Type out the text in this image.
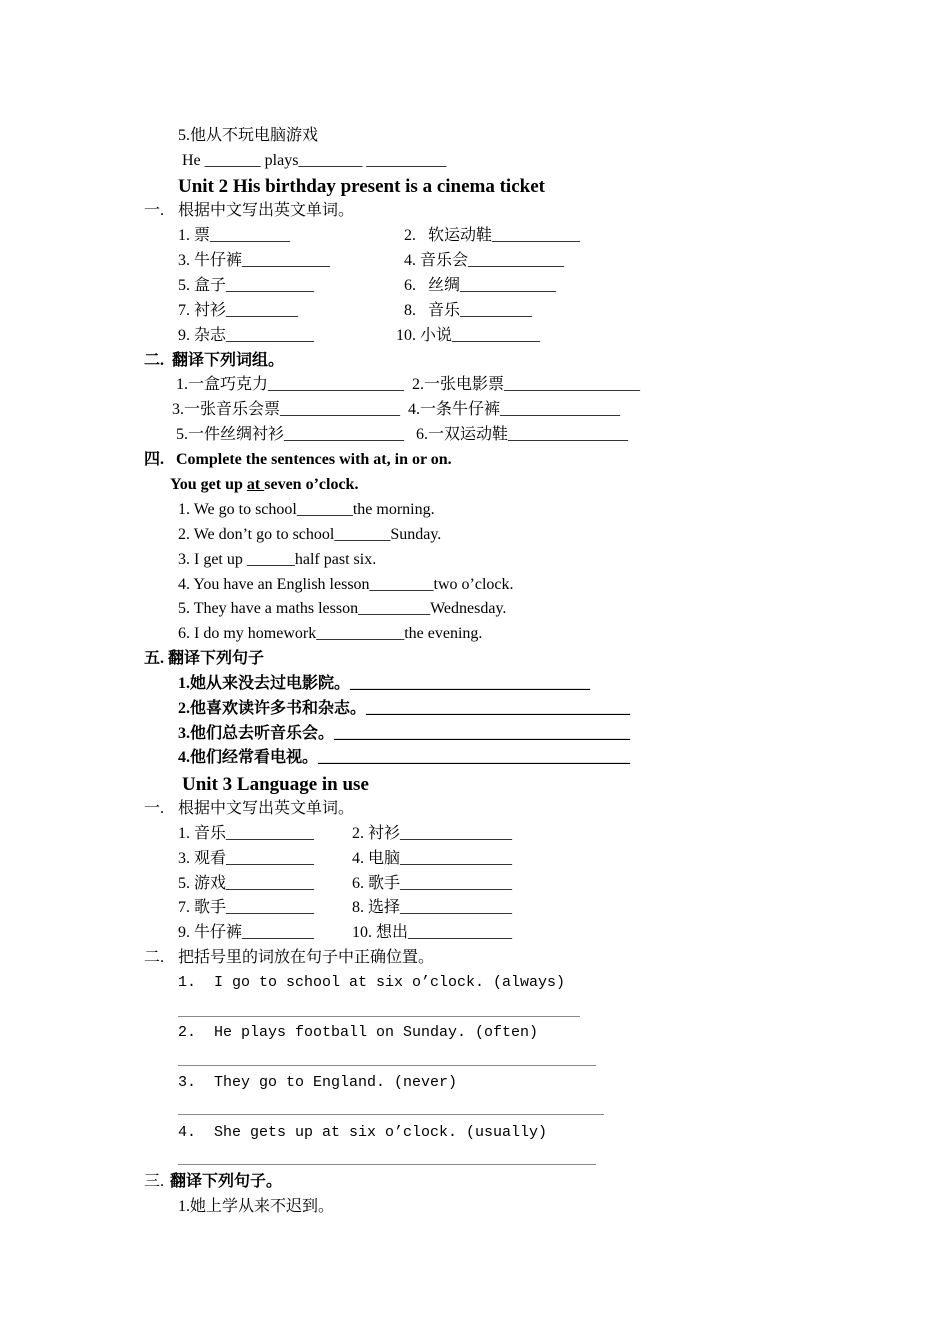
5.他从不玩电脑游戏
He _______ plays________ __________
Unit 2 His birthday present is a cinema ticket
一. 根据中文写出英文单词。
1. 票__________	2.   软运动鞋___________
3. 牛仔裤___________	4. 音乐会____________
5. 盒子___________	6.   丝绸____________
7. 衬衫_________	8.   音乐_________
9. 杂志___________	10. 小说___________
二.  翻译下列词组。
1.一盒巧克力_________________  2.一张电影票_________________
3.一张音乐会票_______________  4.一条牛仔裤_______________
5.一件丝绸衬衫_______________   6.一双运动鞋_______________
四.   Complete the sentences with at, in or on.
You get up at seven o’clock.
1. We go to school_______the morning.
2. We don’t go to school_______Sunday.
3. I get up ______half past six.
4. You have an English lesson________two o’clock.
5. They have a maths lesson_________Wednesday.
6. I do my homework___________the evening.
五. 翻译下列句子
1.她从来没去过电影院。______________________________
2.他喜欢读许多书和杂志。_________________________________
3.他们总去听音乐会。_____________________________________
4.他们经常看电视。_______________________________________
Unit 3 Language in use
一. 根据中文写出英文单词。
1. 音乐___________ 2. 衬衫______________
3. 观看___________ 4. 电脑______________
5. 游戏___________ 6. 歌手______________
7. 歌手___________ 8. 选择______________
9. 牛仔裤_________ 10. 想出_____________
二. 把括号里的词放在句子中正确位置。
1.  I go to school at six o’clock. (always)
2.  He plays football on Sunday. (often)
3.  They go to England. (never)
4.  She gets up at six o’clock. (usually)
三. 翻译下列句子。
1.她上学从来不迟到。
